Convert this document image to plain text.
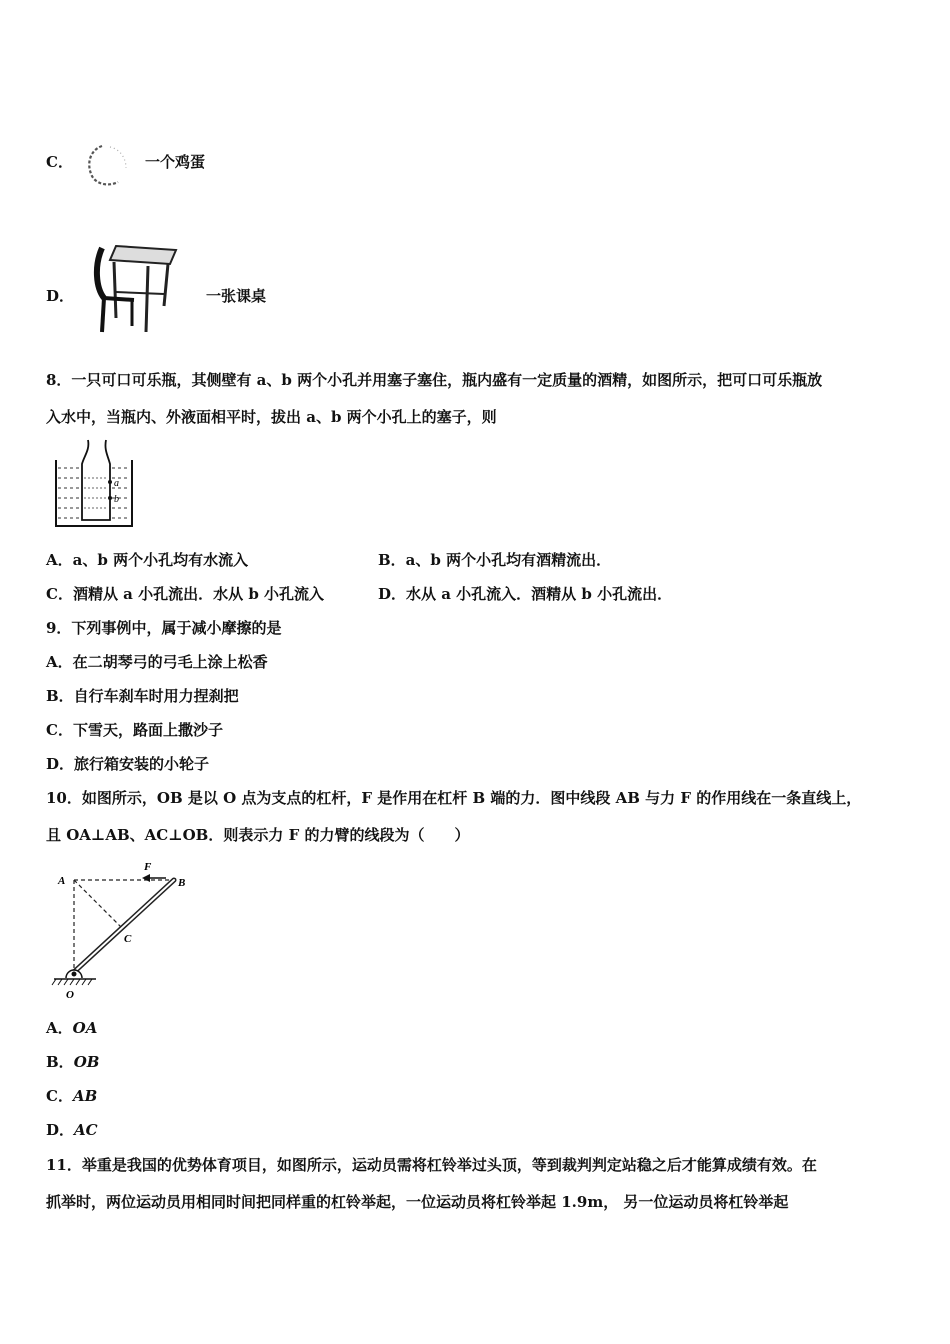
C．	一个鸡蛋
D．	一张课桌
8．一只可口可乐瓶，其侧壁有 a、b 两个小孔并用塞子塞住，瓶内盛有一定质量的酒精，如图所示，把可口可乐瓶放
入水中，当瓶内、外液面相平时，拔出 a、b 两个小孔上的塞子，则
a
b
A．a、b 两个小孔均有水流入	B．a、b 两个小孔均有酒精流出．
C．酒精从 a 小孔流出．水从 b 小孔流入	D．水从 a 小孔流入．酒精从 b 小孔流出．
9．下列事例中，属于减小摩擦的是
A．在二胡琴弓的弓毛上涂上松香
B．自行车刹车时用力捏刹把
C．下雪天，路面上撒沙子
D．旅行箱安装的小轮子
10．如图所示，OB 是以 O 点为支点的杠杆，F 是作用在杠杆 B 端的力．图中线段 AB 与力 F 的作用线在一条直线上，
且 OA⊥AB、AC⊥OB．则表示力 F 的力臂的线段为（　　）
A	B
C
O
F
A．OA
B．OB
C．AB
D．AC
11．举重是我国的优势体育项目，如图所示，运动员需将杠铃举过头顶，等到裁判判定站稳之后才能算成绩有效。在
抓举时，两位运动员用相同时间把同样重的杠铃举起，一位运动员将杠铃举起 1.9m， 另一位运动员将杠铃举起
